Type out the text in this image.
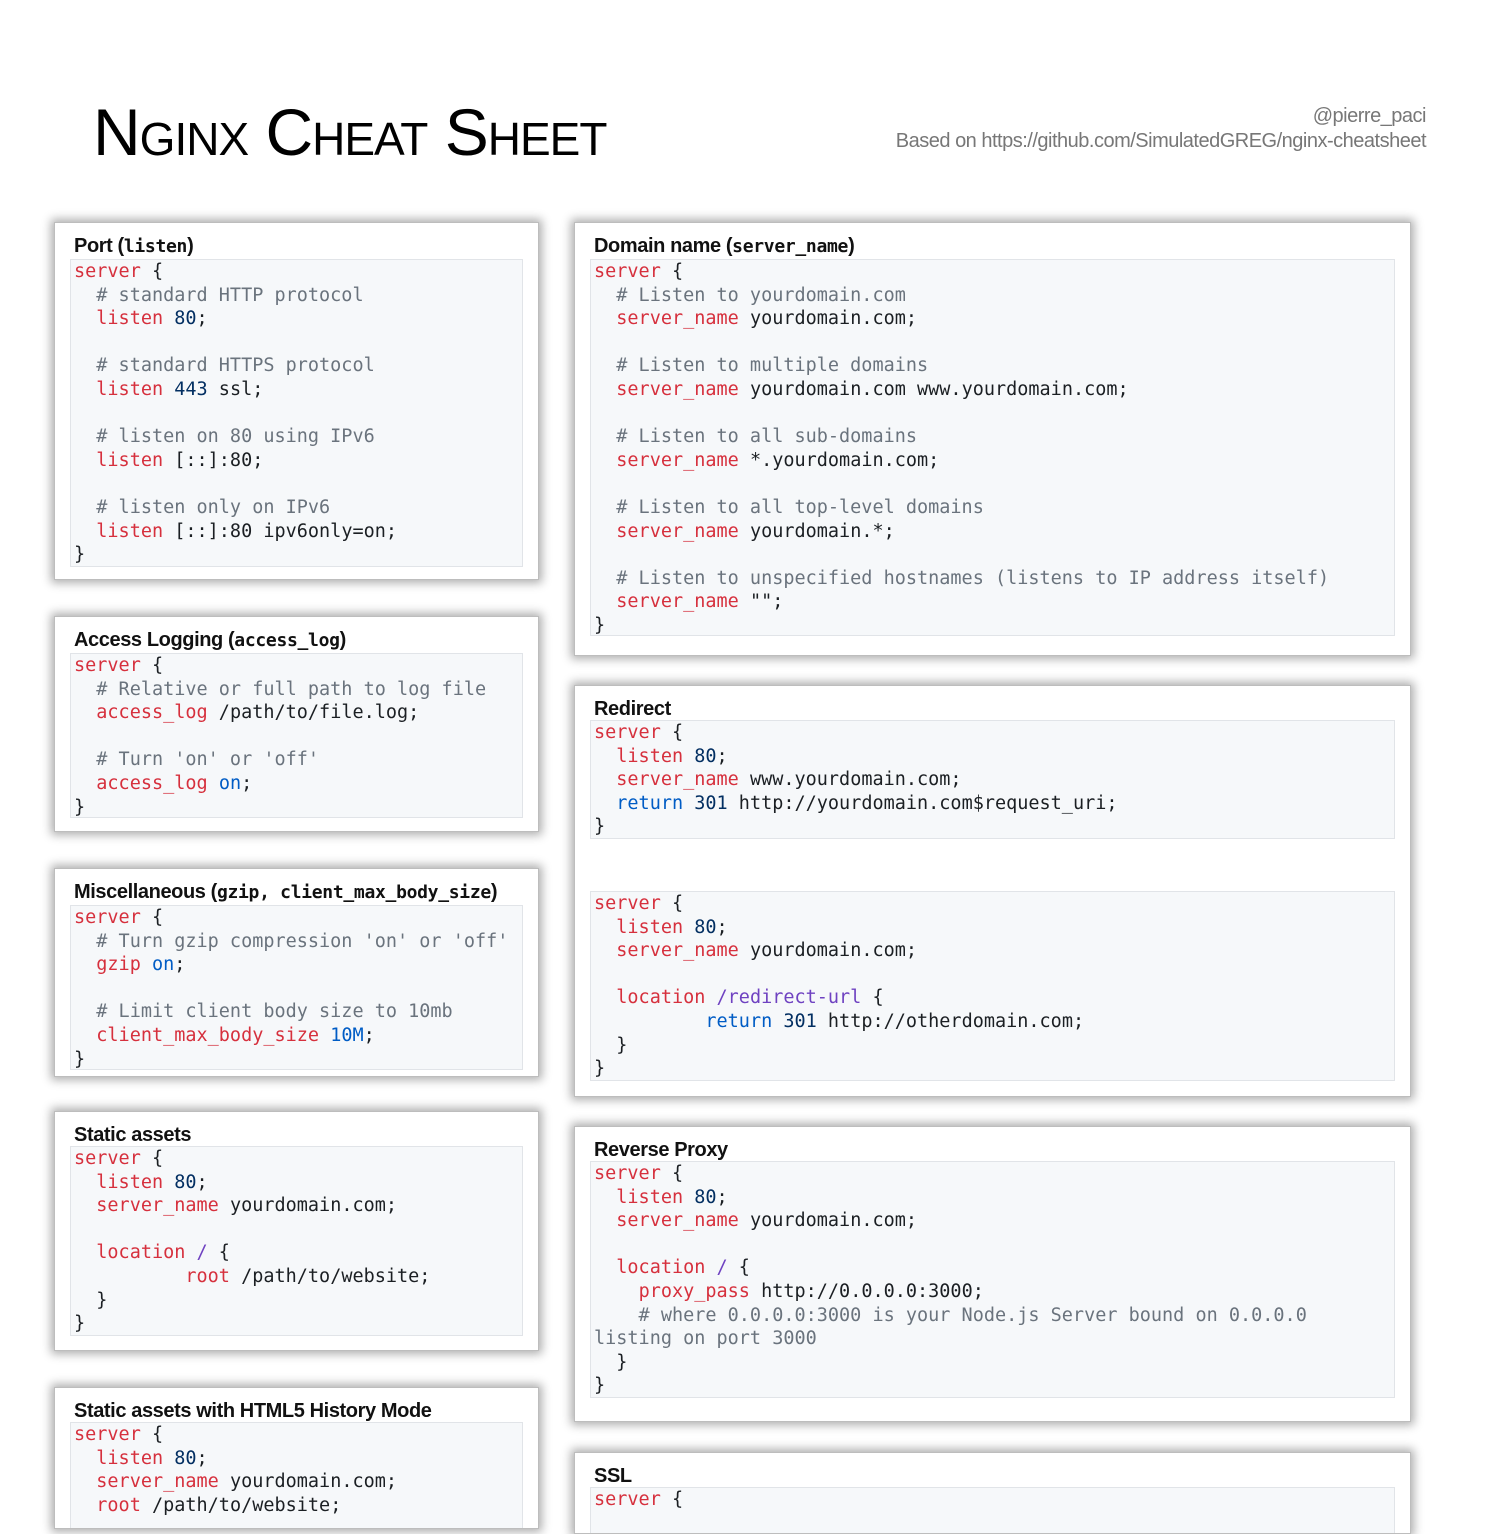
Nginx Cheat Sheet	@pierre_paci
Based on https://github.com/SimulatedGREG/nginx-cheatsheet
Port (listen)
server {
# standard HTTP protocol
listen 80;

# standard HTTPS protocol
listen 443 ssl;

# listen on 80 using IPv6
listen [::]:80;

# listen only on IPv6
listen [::]:80 ipv6only=on;
}
Access Logging (access_log)
server {
# Relative or full path to log file
access_log /path/to/file.log;

# Turn 'on' or 'off'
access_log on;
}
Miscellaneous (gzip, client_max_body_size)
server {
# Turn gzip compression 'on' or 'off'
gzip on;

# Limit client body size to 10mb
client_max_body_size 10M;
}
Static assets
server {
listen 80;
server_name yourdomain.com;

location / {
root /path/to/website;
}
}
Static assets with HTML5 History Mode
server {
listen 80;
server_name yourdomain.com;
root /path/to/website;
Domain name (server_name)
server {
# Listen to yourdomain.com
server_name yourdomain.com;

# Listen to multiple domains
server_name yourdomain.com www.yourdomain.com;

# Listen to all sub-domains
server_name *.yourdomain.com;

# Listen to all top-level domains
server_name yourdomain.*;

# Listen to unspecified hostnames (listens to IP address itself)
server_name "";
}
Redirect
server {
listen 80;
server_name www.yourdomain.com;
return 301 http://yourdomain.com$request_uri;
}
server {
listen 80;
server_name yourdomain.com;

location /redirect-url {
return 301 http://otherdomain.com;
}
}
Reverse Proxy
server {
listen 80;
server_name yourdomain.com;

location / {
proxy_pass http://0.0.0.0:3000;
# where 0.0.0.0:3000 is your Node.js Server bound on 0.0.0.0
listing on port 3000
}
}
SSL
server {
